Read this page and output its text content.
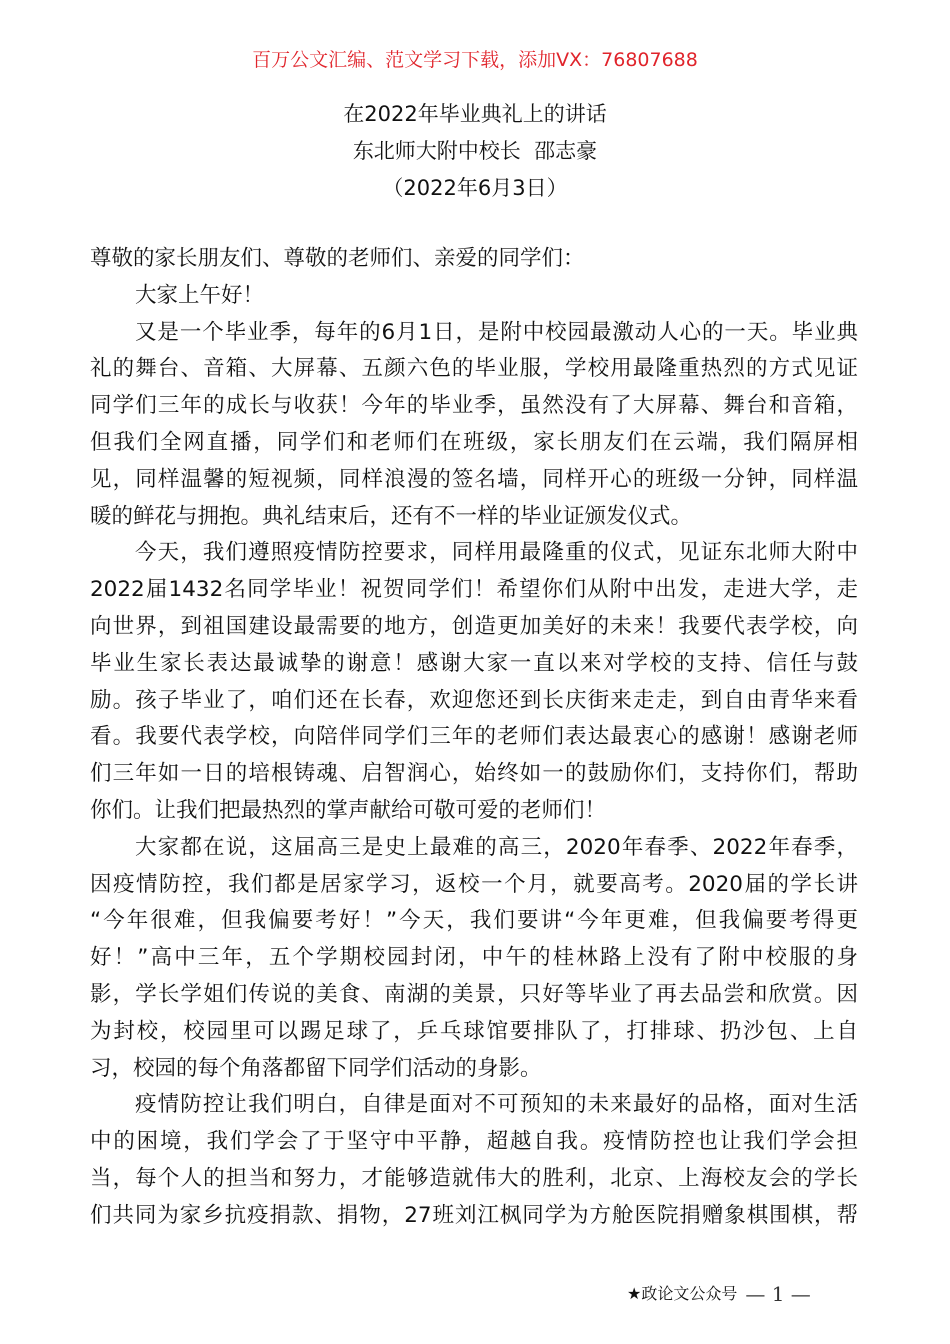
百万公文汇编、范文学习下载，添加VX：76807688
在2022年毕业典礼上的讲话
东北师大附中校长  邵志豪
（2022年6月3日）
尊敬的家长朋友们、尊敬的老师们、亲爱的同学们：
大家上午好！
又是一个毕业季，每年的6月1日，是附中校园最激动人心的一天。毕业典
礼的舞台、音箱、大屏幕、五颜六色的毕业服，学校用最隆重热烈的方式见证
同学们三年的成长与收获！今年的毕业季，虽然没有了大屏幕、舞台和音箱，
但我们全网直播，同学们和老师们在班级，家长朋友们在云端，我们隔屏相
见，同样温馨的短视频，同样浪漫的签名墙，同样开心的班级一分钟，同样温
暖的鲜花与拥抱。典礼结束后，还有不一样的毕业证颁发仪式。
今天，我们遵照疫情防控要求，同样用最隆重的仪式，见证东北师大附中
2022届1432名同学毕业！祝贺同学们！希望你们从附中出发，走进大学，走
向世界，到祖国建设最需要的地方，创造更加美好的未来！我要代表学校，向
毕业生家长表达最诚挚的谢意！感谢大家一直以来对学校的支持、信任与鼓
励。孩子毕业了，咱们还在长春，欢迎您还到长庆街来走走，到自由青华来看
看。我要代表学校，向陪伴同学们三年的老师们表达最衷心的感谢！感谢老师
们三年如一日的培根铸魂、启智润心，始终如一的鼓励你们，支持你们，帮助
你们。让我们把最热烈的掌声献给可敬可爱的老师们！
大家都在说，这届高三是史上最难的高三，2020年春季、2022年春季，
因疫情防控，我们都是居家学习，返校一个月，就要高考。2020届的学长讲
“今年很难，但我偏要考好！”今天，我们要讲“今年更难，但我偏要考得更
好！”高中三年，五个学期校园封闭，中午的桂林路上没有了附中校服的身
影，学长学姐们传说的美食、南湖的美景，只好等毕业了再去品尝和欣赏。因
为封校，校园里可以踢足球了，乒乓球馆要排队了，打排球、扔沙包、上自
习，校园的每个角落都留下同学们活动的身影。
疫情防控让我们明白，自律是面对不可预知的未来最好的品格，面对生活
中的困境，我们学会了于坚守中平静，超越自我。疫情防控也让我们学会担
当，每个人的担当和努力，才能够造就伟大的胜利，北京、上海校友会的学长
们共同为家乡抗疫捐款、捐物，27班刘江枫同学为方舱医院捐赠象棋围棋，帮
★政论文公众号 — 1 —
